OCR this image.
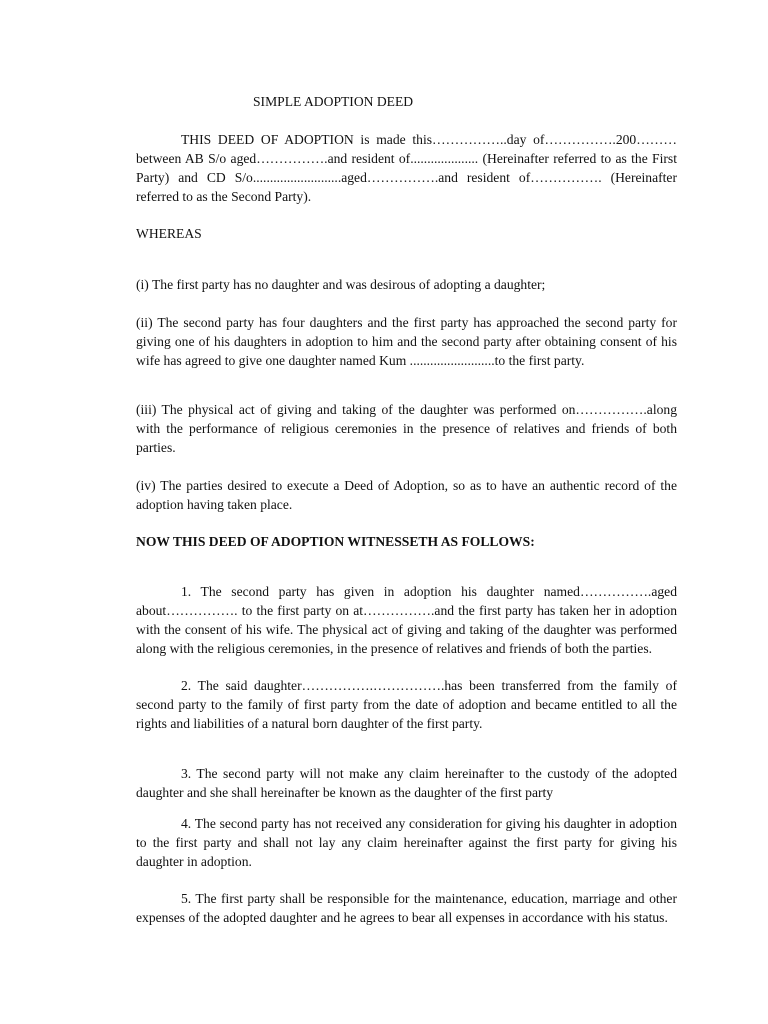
SIMPLE ADOPTION DEED

THIS DEED OF ADOPTION is made this……………..day of…………….200……… between AB S/o aged…………….and resident of.................... (Hereinafter referred to as the First Party) and CD S/o..........................aged…………….and resident of……………. (Hereinafter referred to as the Second Party).

WHEREAS

(i) The first party has no daughter and was desirous of adopting a daughter;

(ii) The second party has four daughters and the first party has approached the second party for giving one of his daughters in adoption to him and the second party after obtaining consent of his wife has agreed to give one daughter named Kum .........................to the first party.

(iii) The physical act of giving and taking of the daughter was performed on…………….along with the performance of religious ceremonies in the presence of relatives and friends of both parties.

(iv) The parties desired to execute a Deed of Adoption, so as to have an authentic record of the adoption having taken place.

NOW THIS DEED OF ADOPTION WITNESSETH AS FOLLOWS:

1. The second party has given in adoption his daughter named…………….aged about……………. to the first party on at…………….and the first party has taken her in adoption with the consent of his wife. The physical act of giving and taking of the daughter was performed along with the religious ceremonies, in the presence of relatives and friends of both the parties.

2. The said daughter…………….…………….has been transferred from the family of second party to the family of first party from the date of adoption and became entitled to all the rights and liabilities of a natural born daughter of the first party.

3. The second party will not make any claim hereinafter to the custody of the adopted daughter and she shall hereinafter be known as the daughter of the first party

4. The second party has not received any consideration for giving his daughter in adoption to the first party and shall not lay any claim hereinafter against the first party for giving his daughter in adoption.

5. The first party shall be responsible for the maintenance, education, marriage and other expenses of the adopted daughter and he agrees to bear all expenses in accordance with his status.
